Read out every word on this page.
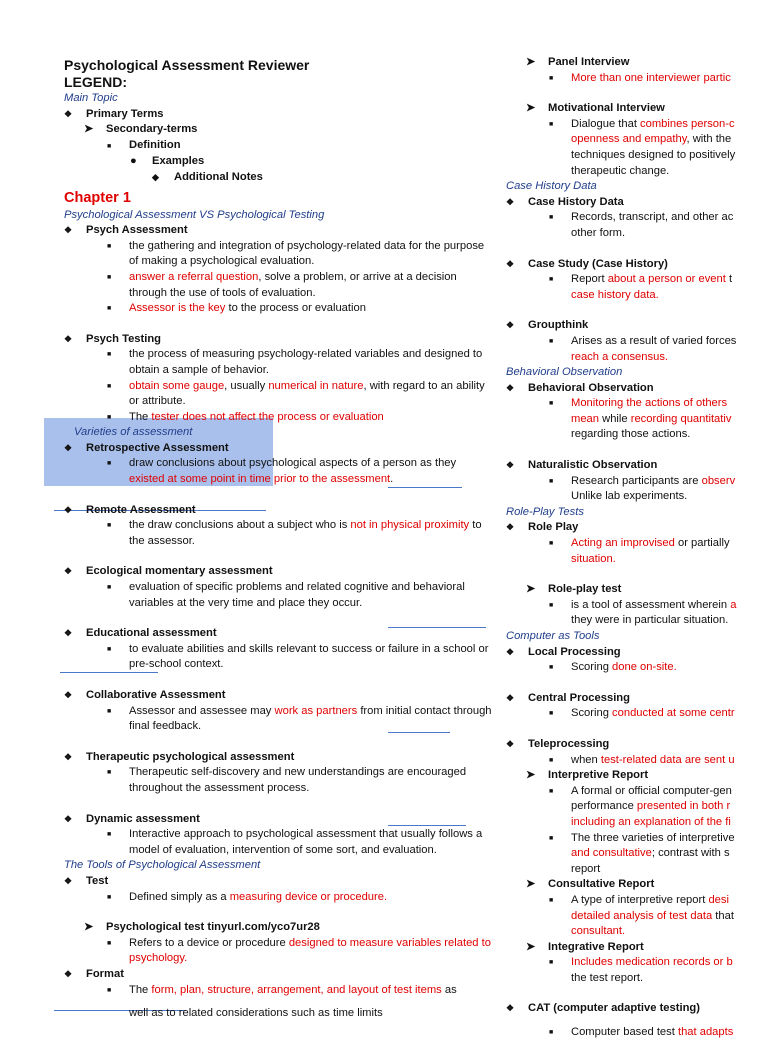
Psychological Assessment Reviewer
LEGEND:
Main Topic
❖ Primary Terms
➤ Secondary-terms
■ Definition
● Examples
◆ Additional Notes
Chapter 1
Psychological Assessment VS Psychological Testing
❖ Psych Assessment
■	the gathering and integration of psychology-related data for the purpose of making a psychological evaluation.
■	answer a referral question, solve a problem, or arrive at a decision through the use of tools of evaluation.
■	Assessor is the key to the process or evaluation
❖ Psych Testing
■	the process of measuring psychology-related variables and designed to obtain a sample of behavior.
■	obtain some gauge, usually numerical in nature, with regard to an ability or attribute.
■	The tester does not affect the process or evaluation
Varieties of assessment
❖ Retrospective Assessment
■	draw conclusions about psychological aspects of a person as they existed at some point in time prior to the assessment.
❖ Remote Assessment
■	the draw conclusions about a subject who is not in physical proximity to the assessor.
❖ Ecological momentary assessment
■	evaluation of specific problems and related cognitive and behavioral variables at the very time and place they occur.
❖ Educational assessment
■	to evaluate abilities and skills relevant to success or failure in a school or pre-school context.
❖ Collaborative Assessment
■	Assessor and assessee may work as partners from initial contact through final feedback.
❖ Therapeutic psychological assessment
■	Therapeutic self-discovery and new understandings are encouraged throughout the assessment process.
❖ Dynamic assessment
■	Interactive approach to psychological assessment that usually follows a model of evaluation, intervention of some sort, and evaluation.
The Tools of Psychological Assessment
❖ Test
■	Defined simply as a measuring device or procedure.
➤ Psychological test tinyurl.com/yco7ur28
■	Refers to a device or procedure designed to measure variables related to psychology.
❖ Format
■	The form, plan, structure, arrangement, and layout of test items as
well as to related considerations such as time limits
➤ Panel Interview
■	More than one interviewer partic
➤ Motivational Interview
■	Dialogue that combines person-c
openness and empathy, with the
techniques designed to positively
therapeutic change.
Case History Data
❖ Case History Data
■	Records, transcript, and other ac
other form.
❖ Case Study (Case History)
■	Report about a person or event t
case history data.
❖ Groupthink
■	Arises as a result of varied forces
reach a consensus.
Behavioral Observation
❖ Behavioral Observation
■	Monitoring the actions of others
mean while recording quantitativ
regarding those actions.
❖ Naturalistic Observation
■	Research participants are observ
Unlike lab experiments.
Role-Play Tests
❖ Role Play
■	Acting an improvised or partially
situation.
➤ Role-play test
■	is a tool of assessment wherein a
they were in particular situation.
Computer as Tools
❖ Local Processing
■	Scoring done on-site.
❖ Central Processing
■	Scoring conducted at some centr
❖ Teleprocessing
■	when test-related data are sent u
➤ Interpretive Report
■	A formal or official computer-gen
performance presented in both r
including an explanation of the fi
■	The three varieties of interpretive
and consultative; contrast with s
report
➤ Consultative Report
■	A type of interpretive report desi
detailed analysis of test data that
consultant.
➤ Integrative Report
■	Includes medication records or b
the test report.
❖ CAT (computer adaptive testing)
■	Computer based test that adapts
